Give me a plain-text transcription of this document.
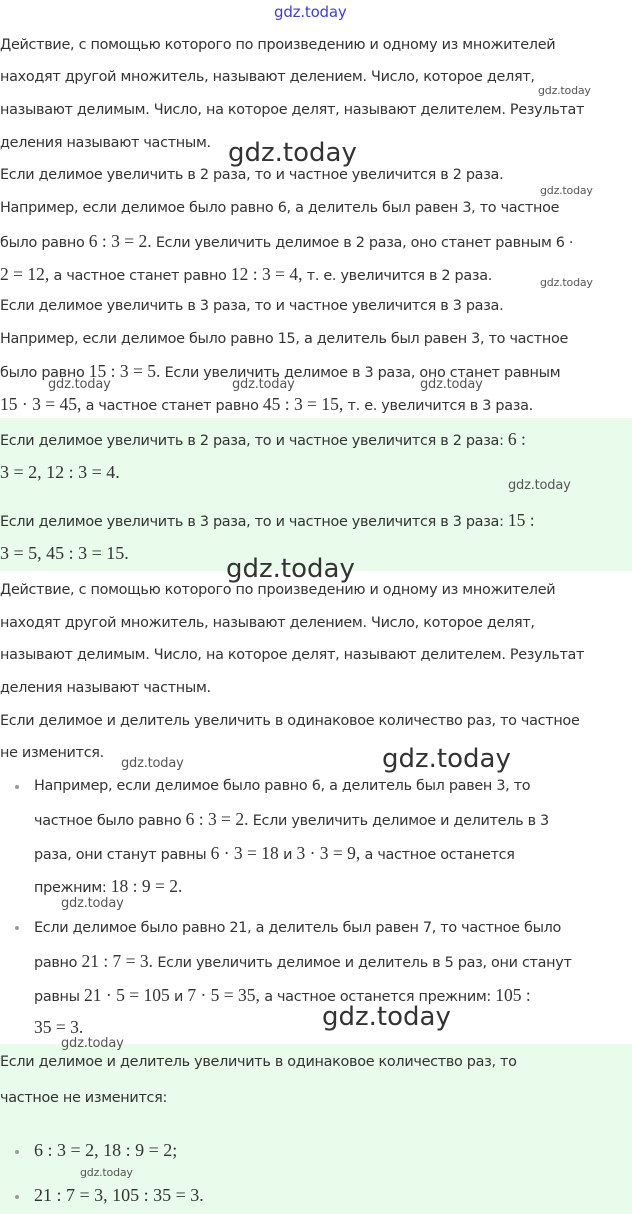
gdz.today
Действие, с помощью которого по произведению и одному из множителей
находят другой множитель, называют делением. Число, которое делят,
называют делимым. Число, на которое делят, называют делителем. Результат
деления называют частным.
Если делимое увеличить в 2 раза, то и частное увеличится в 2 раза.
Например, если делимое было равно 6, а делитель был равен 3, то частное
было равно 6 : 3 = 2. Если увеличить делимое в 2 раза, оно станет равным 6 ·
2 = 12, а частное станет равно 12 : 3 = 4, т. е. увеличится в 2 раза.
Если делимое увеличить в 3 раза, то и частное увеличится в 3 раза.
Например, если делимое было равно 15, а делитель был равен 3, то частное
было равно 15 : 3 = 5. Если увеличить делимое в 3 раза, оно станет равным
15 · 3 = 45, а частное станет равно 45 : 3 = 15, т. е. увеличится в 3 раза.
Если делимое увеличить в 2 раза, то и частное увеличится в 2 раза: 6 :
3 = 2, 12 : 3 = 4.
Если делимое увеличить в 3 раза, то и частное увеличится в 3 раза: 15 :
3 = 5, 45 : 3 = 15.
Действие, с помощью которого по произведению и одному из множителей
находят другой множитель, называют делением. Число, которое делят,
называют делимым. Число, на которое делят, называют делителем. Результат
деления называют частным.
Если делимое и делитель увеличить в одинаковое количество раз, то частное
не изменится.
Например, если делимое было равно 6, а делитель был равен 3, то
частное было равно 6 : 3 = 2. Если увеличить делимое и делитель в 3
раза, они станут равны 6 · 3 = 18 и 3 · 3 = 9, а частное останется
прежним: 18 : 9 = 2.
Если делимое было равно 21, а делитель был равен 7, то частное было
равно 21 : 7 = 3. Если увеличить делимое и делитель в 5 раз, они станут
равны 21 · 5 = 105 и 7 · 5 = 35, а частное останется прежним: 105 :
35 = 3.
Если делимое и делитель увеличить в одинаковое количество раз, то
частное не изменится:
6 : 3 = 2, 18 : 9 = 2;
21 : 7 = 3, 105 : 35 = 3.
gdz.today
gdz.today
gdz.today
gdz.today
gdz.today	gdz.today	gdz.today
gdz.today
gdz.today
gdz.today	gdz.today
gdz.today
gdz.today
gdz.today
gdz.today
